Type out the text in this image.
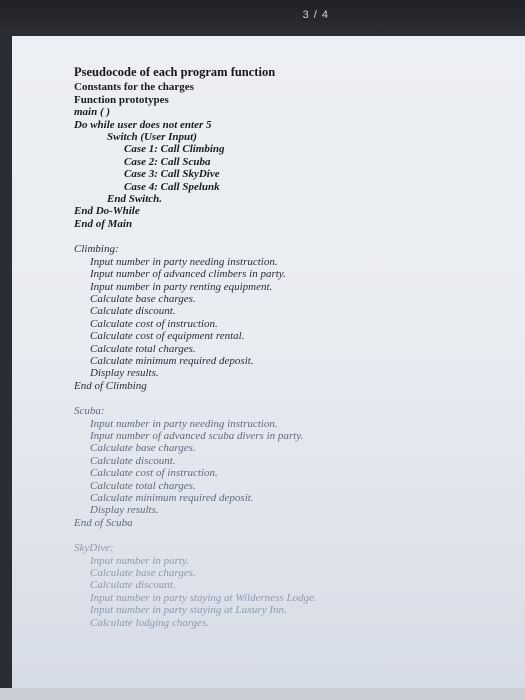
3 / 4
Pseudocode of each program function
Constants for the charges
Function prototypes
main ( )
Do while user does not enter 5
Switch (User Input)
Case 1: Call Climbing
Case 2: Call Scuba
Case 3: Call SkyDive
Case 4: Call Spelunk
End Switch.
End Do-While
End of Main
Climbing:
Input number in party needing instruction.
Input number of advanced climbers in party.
Input number in party renting equipment.
Calculate base charges.
Calculate discount.
Calculate cost of instruction.
Calculate cost of equipment rental.
Calculate total charges.
Calculate minimum required deposit.
Display results.
End of Climbing
Scuba:
Input number in party needing instruction.
Input number of advanced scuba divers in party.
Calculate base charges.
Calculate discount.
Calculate cost of instruction.
Calculate total charges.
Calculate minimum required deposit.
Display results.
End of Scuba
SkyDive:
Input number in party.
Calculate base charges.
Calculate discount.
Input number in party staying at Wilderness Lodge.
Input number in party staying at Luxury Inn.
Calculate lodging charges.
